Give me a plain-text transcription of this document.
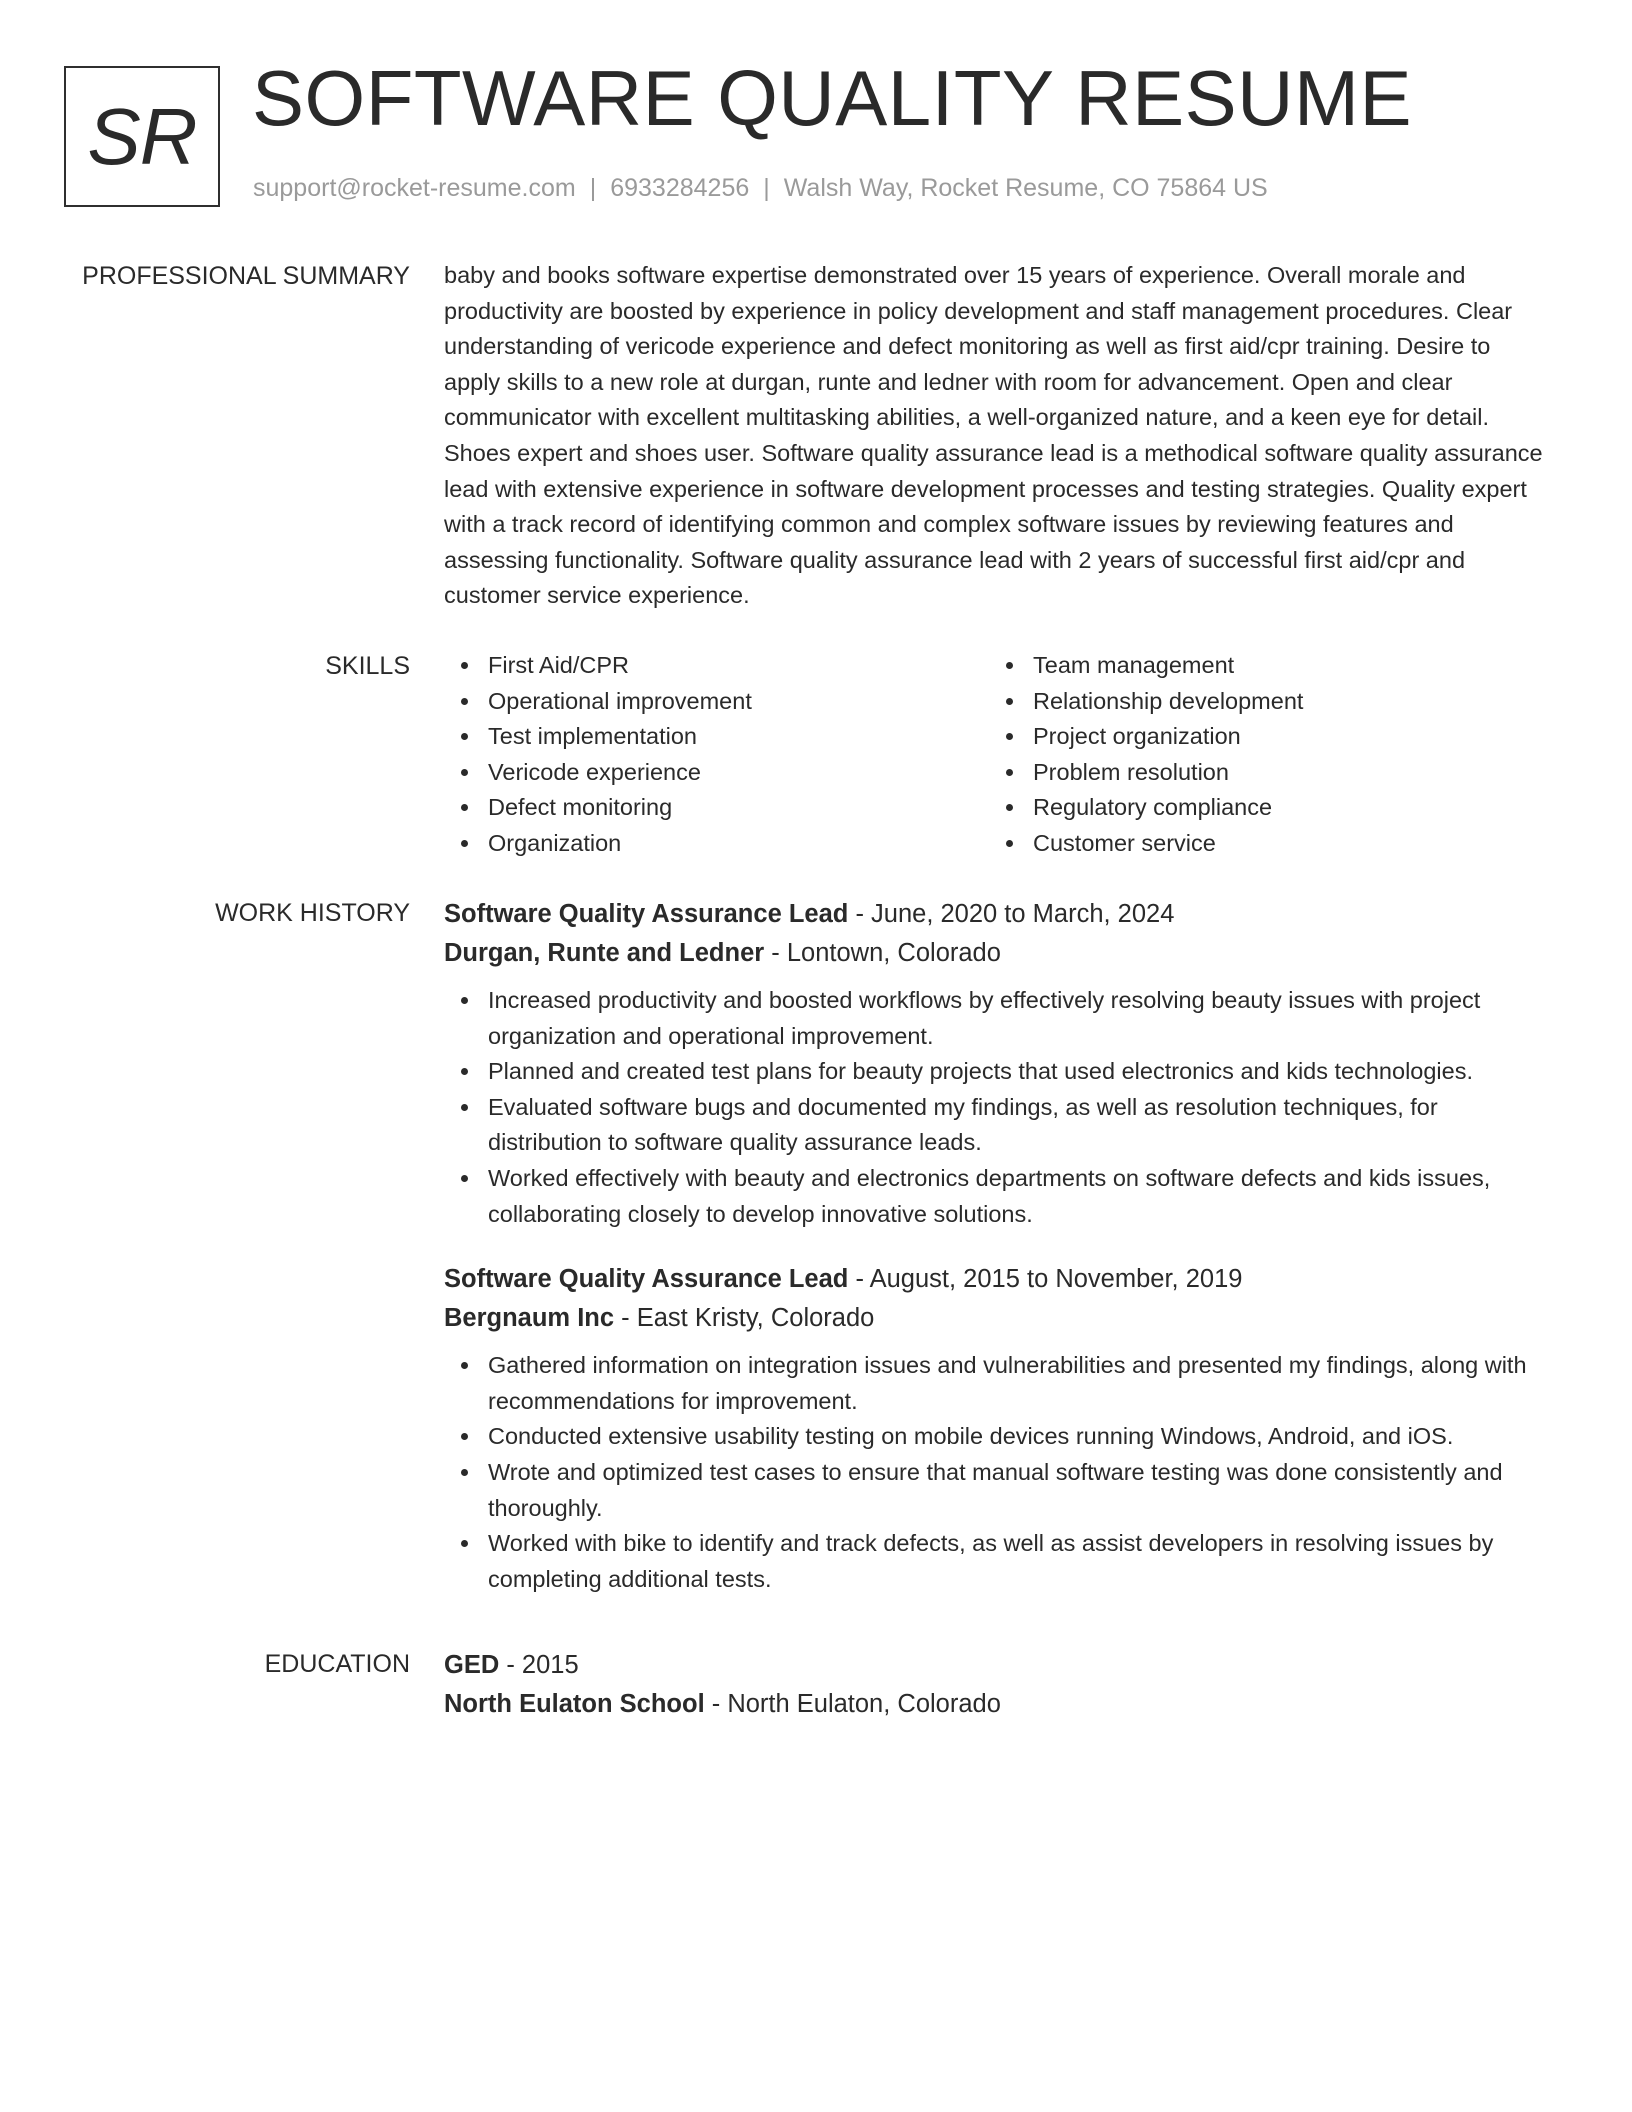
SR SOFTWARE QUALITY RESUME
support@rocket-resume.com | 6933284256 | Walsh Way, Rocket Resume, CO 75864 US
PROFESSIONAL SUMMARY baby and books software expertise demonstrated over 15 years of experience. Overall morale and productivity are boosted by experience in policy development and staff management procedures. Clear understanding of vericode experience and defect monitoring as well as first aid/cpr training. Desire to apply skills to a new role at durgan, runte and ledner with room for advancement. Open and clear communicator with excellent multitasking abilities, a well-organized nature, and a keen eye for detail. Shoes expert and shoes user. Software quality assurance lead is a methodical software quality assurance lead with extensive experience in software development processes and testing strategies. Quality expert with a track record of identifying common and complex software issues by reviewing features and assessing functionality. Software quality assurance lead with 2 years of successful first aid/cpr and customer service experience.

SKILLS	First Aid/CPR
Operational improvement
Test implementation
Vericode experience
Defect monitoring
Organization
Team management
Relationship development
Project organization
Problem resolution
Regulatory compliance
Customer service
WORK HISTORY Software Quality Assurance Lead - June, 2020 to March, 2024
Durgan, Runte and Ledner - Lontown, Colorado
Increased productivity and boosted workflows by effectively resolving beauty issues with project organization and operational improvement.
Planned and created test plans for beauty projects that used electronics and kids technologies.
Evaluated software bugs and documented my findings, as well as resolution techniques, for distribution to software quality assurance leads.
Worked effectively with beauty and electronics departments on software defects and kids issues, collaborating closely to develop innovative solutions.
Software Quality Assurance Lead - August, 2015 to November, 2019
Bergnaum Inc - East Kristy, Colorado
Gathered information on integration issues and vulnerabilities and presented my findings, along with recommendations for improvement.
Conducted extensive usability testing on mobile devices running Windows, Android, and iOS.
Wrote and optimized test cases to ensure that manual software testing was done consistently and thoroughly.
Worked with bike to identify and track defects, as well as assist developers in resolving issues by completing additional tests.
EDUCATION GED - 2015
North Eulaton School - North Eulaton, Colorado
